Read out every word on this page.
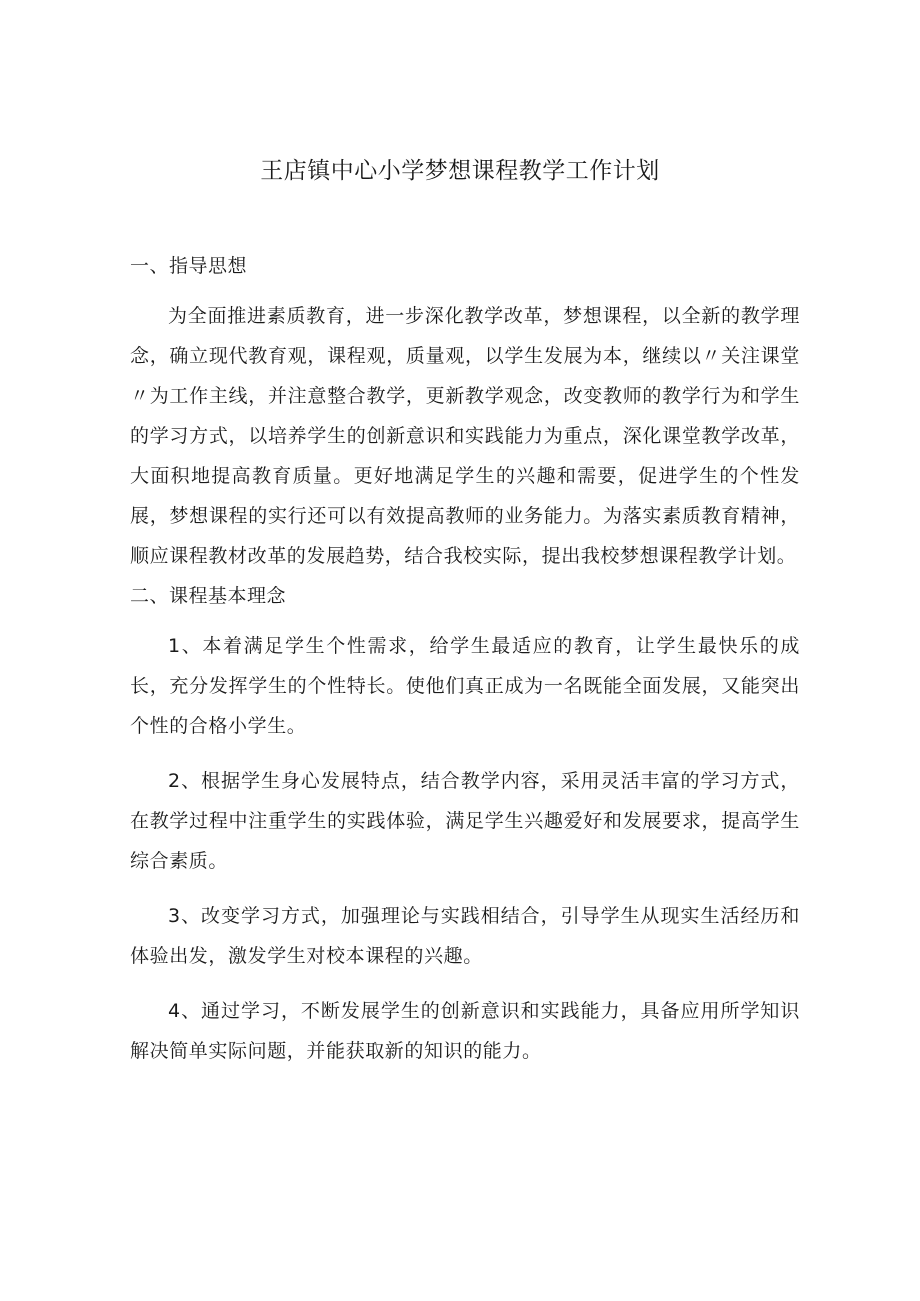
王店镇中心小学梦想课程教学工作计划

一、指导思想

为全面推进素质教育，进一步深化教学改革，梦想课程，以全新的教学理念，确立现代教育观，课程观，质量观，以学生发展为本，继续以〃关注课堂〃为工作主线，并注意整合教学，更新教学观念，改变教师的教学行为和学生的学习方式，以培养学生的创新意识和实践能力为重点，深化课堂教学改革，大面积地提高教育质量。更好地满足学生的兴趣和需要，促进学生的个性发展，梦想课程的实行还可以有效提高教师的业务能力。为落实素质教育精神，顺应课程教材改革的发展趋势，结合我校实际，提出我校梦想课程教学计划。

二、课程基本理念

1、本着满足学生个性需求，给学生最适应的教育，让学生最快乐的成长，充分发挥学生的个性特长。使他们真正成为一名既能全面发展，又能突出个性的合格小学生。

2、根据学生身心发展特点，结合教学内容，采用灵活丰富的学习方式，在教学过程中注重学生的实践体验，满足学生兴趣爱好和发展要求，提高学生综合素质。

3、改变学习方式，加强理论与实践相结合，引导学生从现实生活经历和体验出发，激发学生对校本课程的兴趣。

4、通过学习，不断发展学生的创新意识和实践能力，具备应用所学知识解决简单实际问题，并能获取新的知识的能力。
